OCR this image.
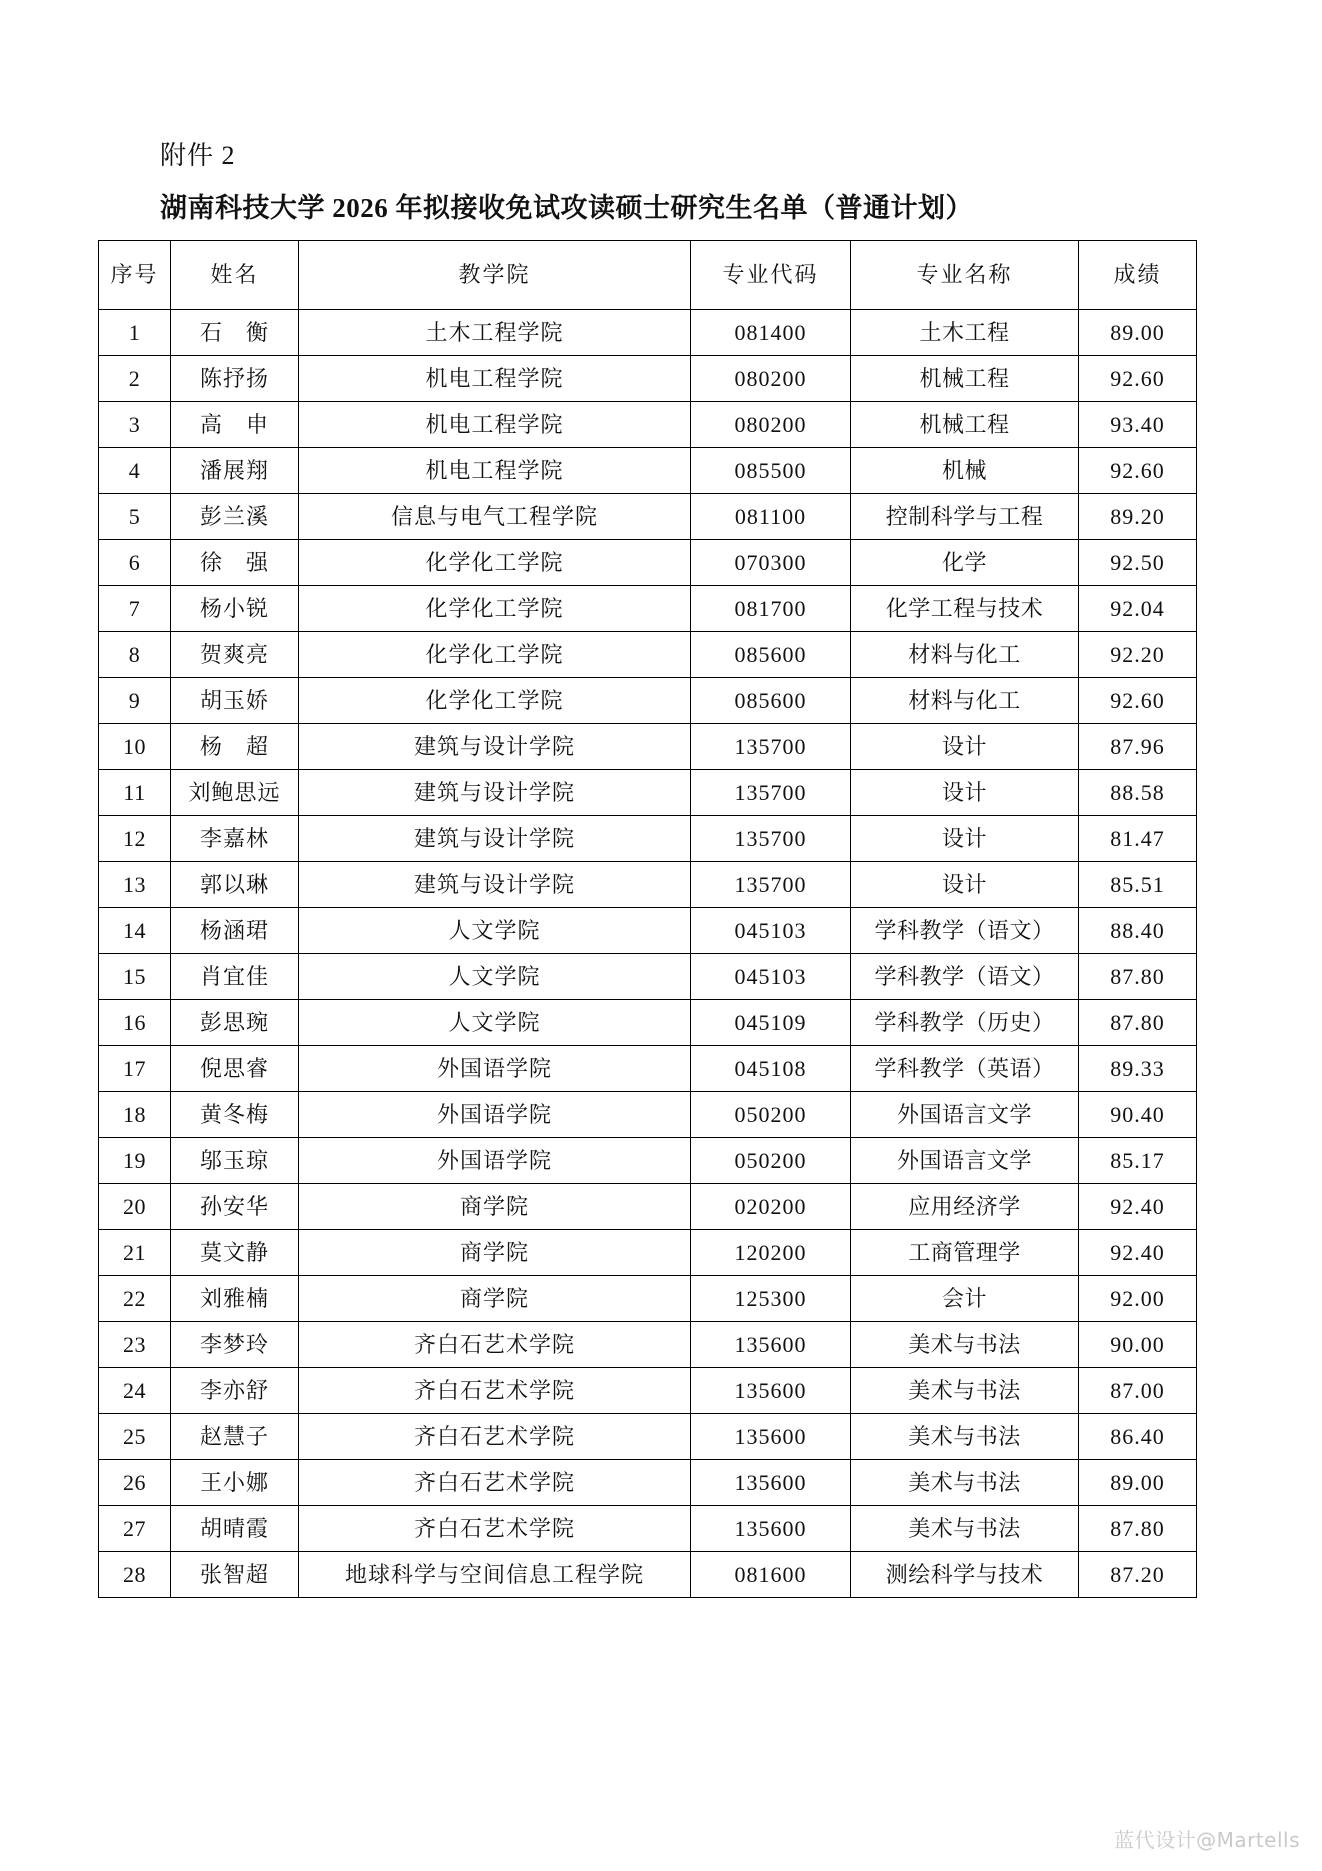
附件 2
湖南科技大学 2026 年拟接收免试攻读硕士研究生名单（普通计划）
序号	姓名	教学院	专业代码	专业名称	成绩
1	石　衡	土木工程学院	081400	土木工程	89.00
2	陈抒扬	机电工程学院	080200	机械工程	92.60
3	高　申	机电工程学院	080200	机械工程	93.40
4	潘展翔	机电工程学院	085500	机械	92.60
5	彭兰溪	信息与电气工程学院	081100	控制科学与工程	89.20
6	徐　强	化学化工学院	070300	化学	92.50
7	杨小锐	化学化工学院	081700	化学工程与技术	92.04
8	贺爽亮	化学化工学院	085600	材料与化工	92.20
9	胡玉娇	化学化工学院	085600	材料与化工	92.60
10	杨　超	建筑与设计学院	135700	设计	87.96
11	刘鲍思远	建筑与设计学院	135700	设计	88.58
12	李嘉林	建筑与设计学院	135700	设计	81.47
13	郭以琳	建筑与设计学院	135700	设计	85.51
14	杨涵珺	人文学院	045103	学科教学（语文）	88.40
15	肖宜佳	人文学院	045103	学科教学（语文）	87.80
16	彭思琬	人文学院	045109	学科教学（历史）	87.80
17	倪思睿	外国语学院	045108	学科教学（英语）	89.33
18	黄冬梅	外国语学院	050200	外国语言文学	90.40
19	邬玉琼	外国语学院	050200	外国语言文学	85.17
20	孙安华	商学院	020200	应用经济学	92.40
21	莫文静	商学院	120200	工商管理学	92.40
22	刘雅楠	商学院	125300	会计	92.00
23	李梦玲	齐白石艺术学院	135600	美术与书法	90.00
24	李亦舒	齐白石艺术学院	135600	美术与书法	87.00
25	赵慧子	齐白石艺术学院	135600	美术与书法	86.40
26	王小娜	齐白石艺术学院	135600	美术与书法	89.00
27	胡晴霞	齐白石艺术学院	135600	美术与书法	87.80
28	张智超	地球科学与空间信息工程学院	081600	测绘科学与技术	87.20
蓝代设计@Martells
